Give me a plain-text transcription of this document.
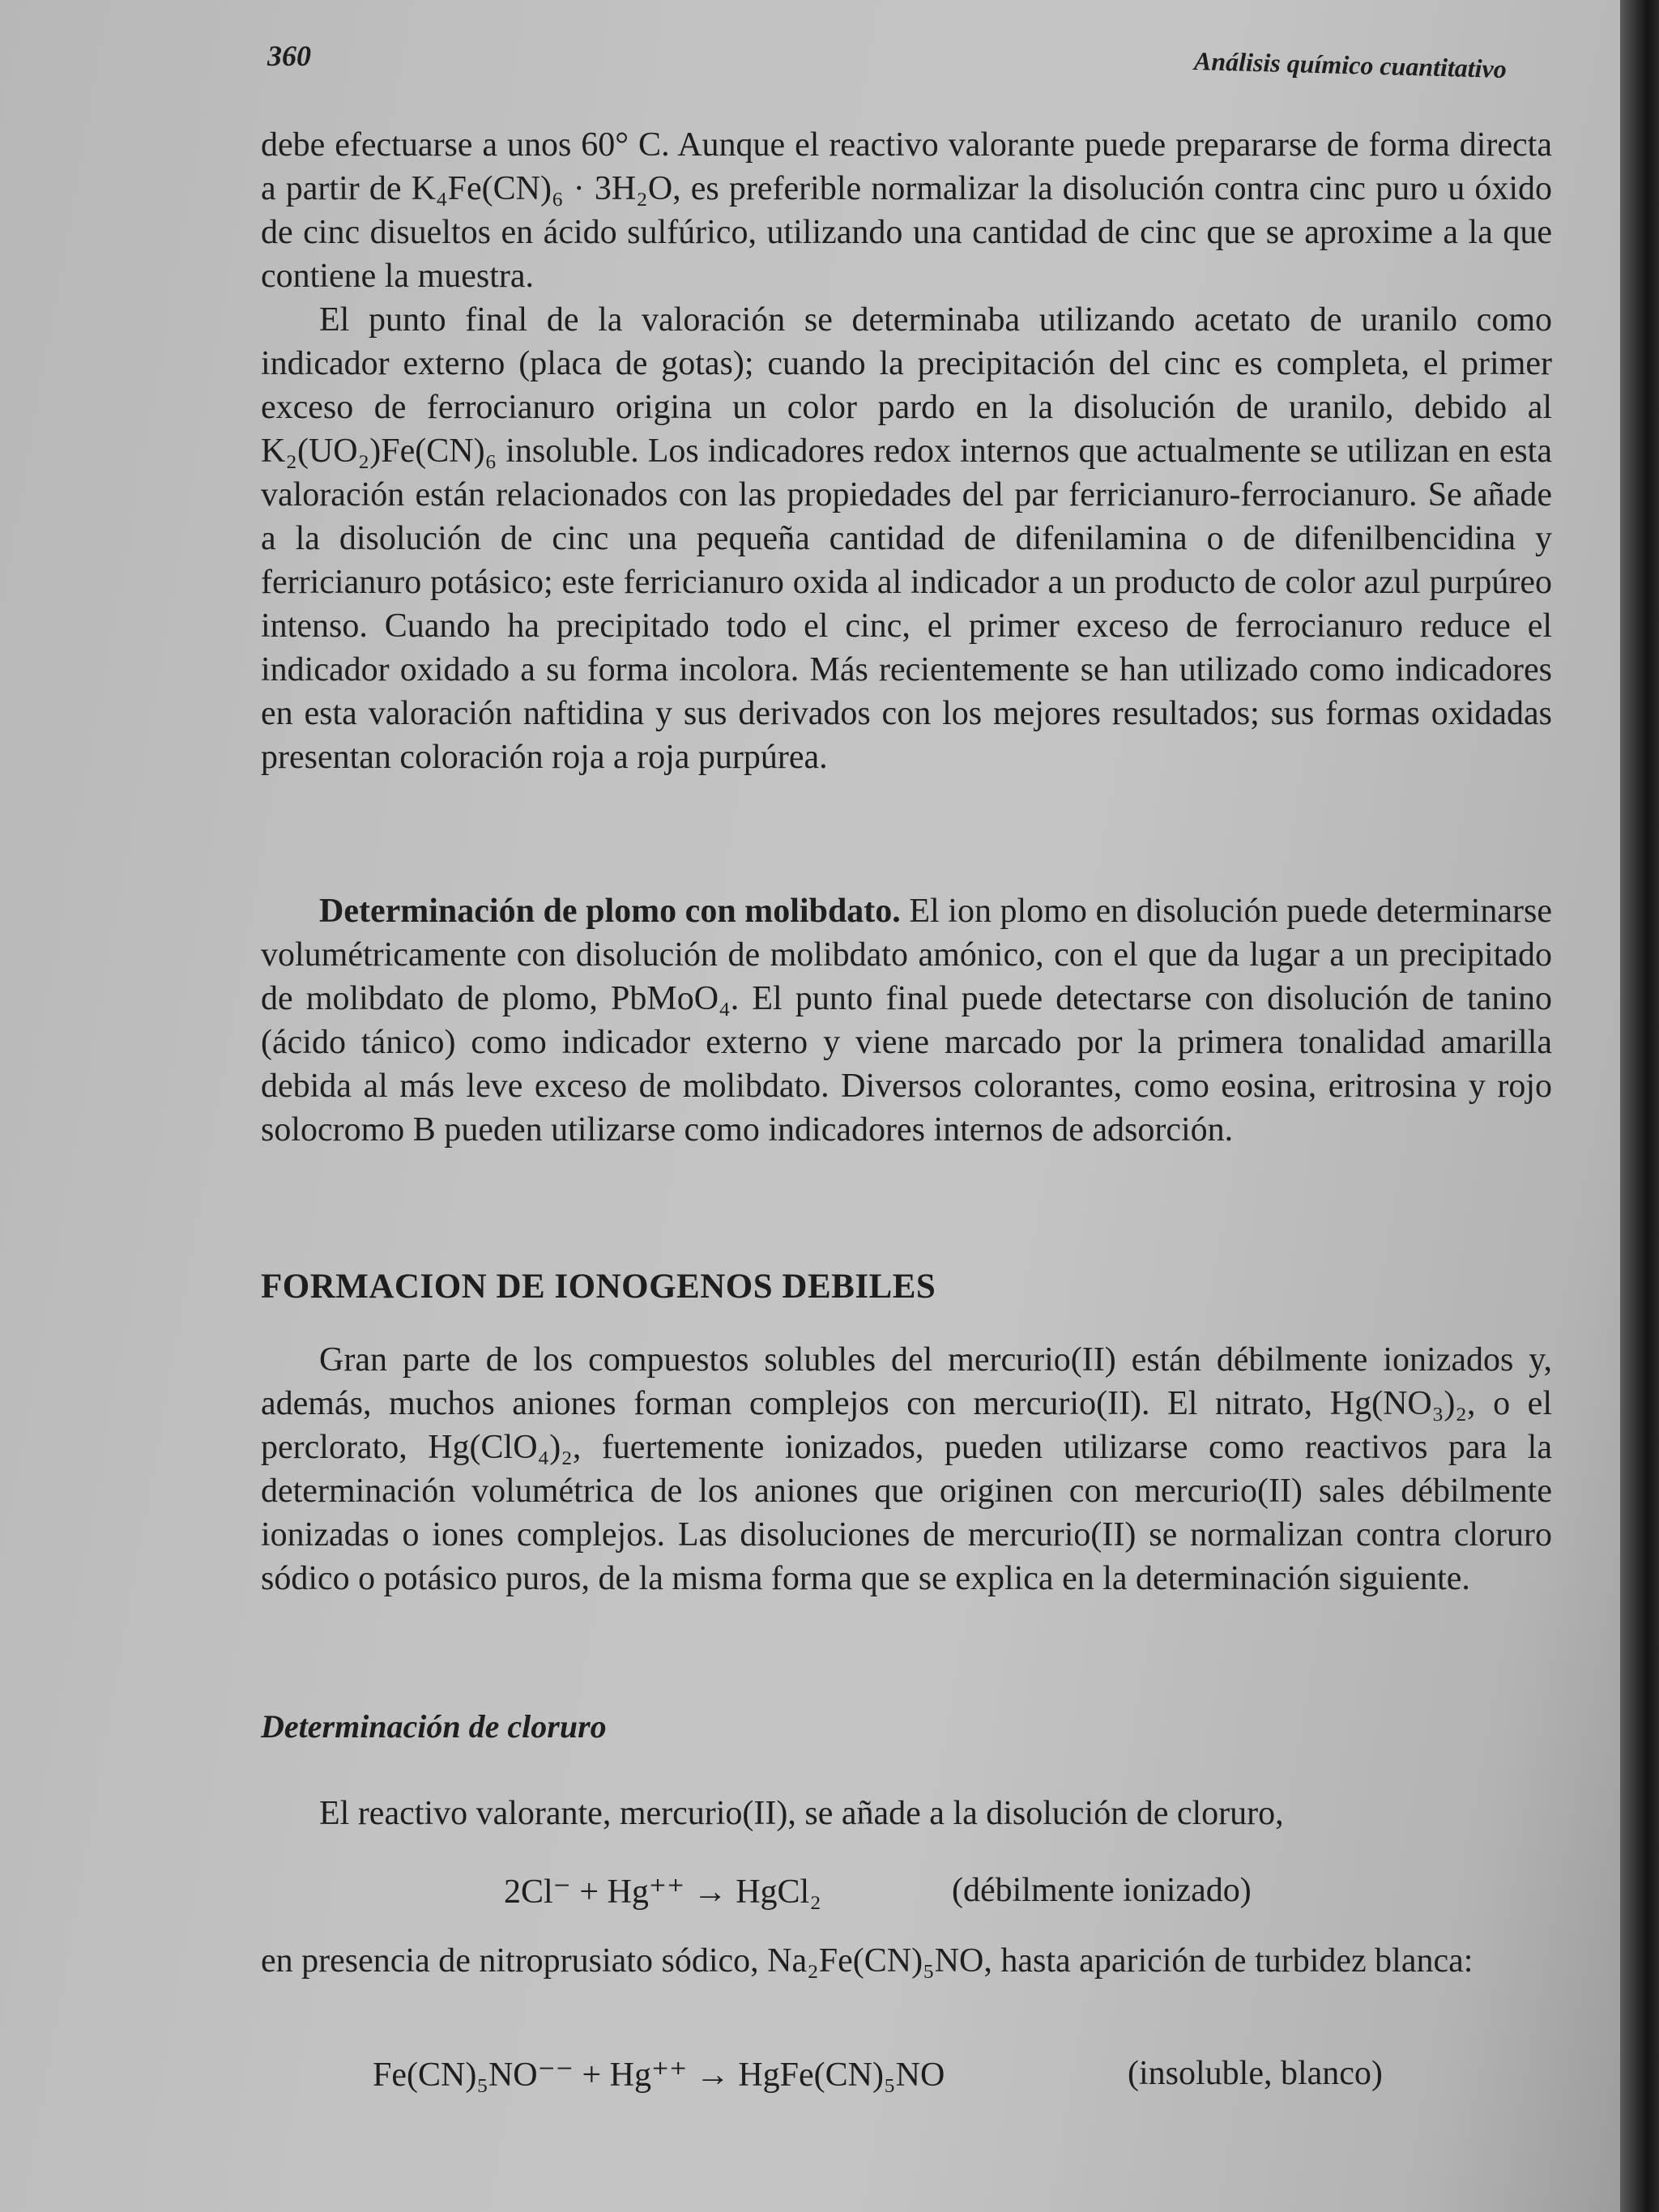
360	Análisis químico cuantitativo

debe efectuarse a unos 60° C. Aunque el reactivo valorante puede prepararse de forma directa a partir de K₄Fe(CN)₆ · 3H₂O, es preferible normalizar la disolución contra cinc puro u óxido de cinc disueltos en ácido sulfúrico, utilizando una cantidad de cinc que se aproxime a la que contiene la muestra.

El punto final de la valoración se determinaba utilizando acetato de uranilo como indicador externo (placa de gotas); cuando la precipitación del cinc es completa, el primer exceso de ferrocianuro origina un color pardo en la disolución de uranilo, debido al K₂(UO₂)Fe(CN)₆ insoluble. Los indicadores redox internos que actualmente se utilizan en esta valoración están relacionados con las propiedades del par ferricianuro-ferrocianuro. Se añade a la disolución de cinc una pequeña cantidad de difenilamina o de difenilbencidina y ferricianuro potásico; este ferricianuro oxida al indicador a un producto de color azul purpúreo intenso. Cuando ha precipitado todo el cinc, el primer exceso de ferrocianuro reduce el indicador oxidado a su forma incolora. Más recientemente se han utilizado como indicadores en esta valoración naftidina y sus derivados con los mejores resultados; sus formas oxidadas presentan coloración roja a roja purpúrea.

Determinación de plomo con molibdato. El ion plomo en disolución puede determinarse volumétricamente con disolución de molibdato amónico, con el que da lugar a un precipitado de molibdato de plomo, PbMoO₄. El punto final puede detectarse con disolución de tanino (ácido tánico) como indicador externo y viene marcado por la primera tonalidad amarilla debida al más leve exceso de molibdato. Diversos colorantes, como eosina, eritrosina y rojo solocromo B pueden utilizarse como indicadores internos de adsorción.

FORMACION DE IONOGENOS DEBILES

Gran parte de los compuestos solubles del mercurio(II) están débilmente ionizados y, además, muchos aniones forman complejos con mercurio(II). El nitrato, Hg(NO₃)₂, o el perclorato, Hg(ClO₄)₂, fuertemente ionizados, pueden utilizarse como reactivos para la determinación volumétrica de los aniones que originen con mercurio(II) sales débilmente ionizadas o iones complejos. Las disoluciones de mercurio(II) se normalizan contra cloruro sódico o potásico puros, de la misma forma que se explica en la determinación siguiente.

Determinación de cloruro

El reactivo valorante, mercurio(II), se añade a la disolución de cloruro,

2Cl⁻ + Hg⁺⁺ → HgCl₂	(débilmente ionizado)

en presencia de nitroprusiato sódico, Na₂Fe(CN)₅NO, hasta aparición de turbidez blanca:

Fe(CN)₅NO⁻⁻ + Hg⁺⁺ → HgFe(CN)₅NO	(insoluble, blanco)
